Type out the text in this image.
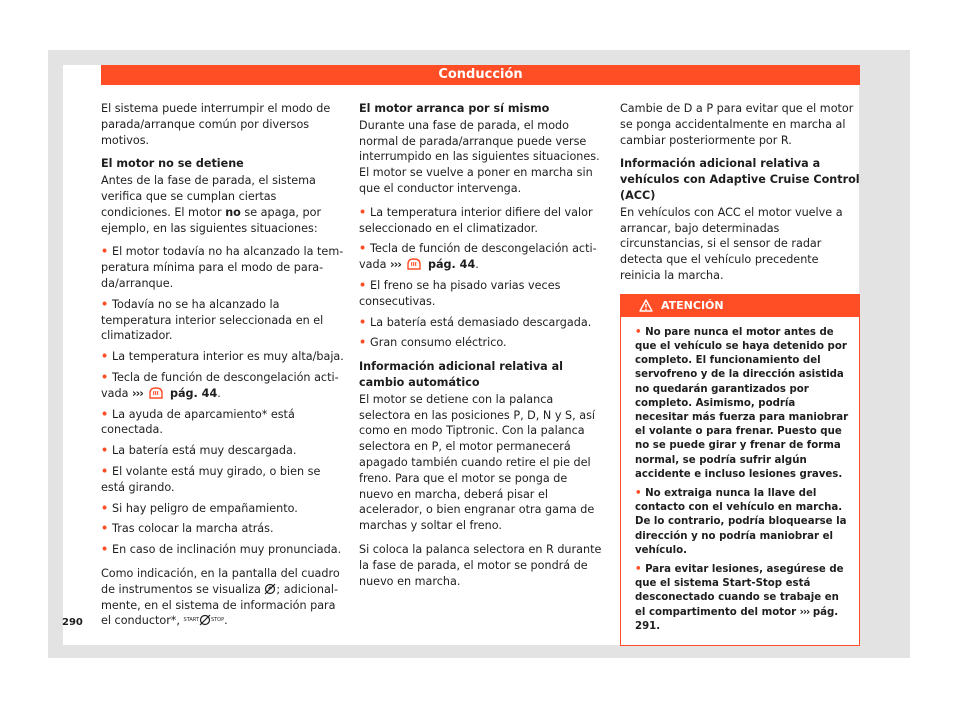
Conducción

El sistema puede interrumpir el modo de parada/arranque común por diversos motivos.

El motor no se detiene

Antes de la fase de parada, el sistema verifica que se cumplan ciertas condiciones. El motor no se apaga, por ejemplo, en las siguientes situaciones:

• El motor todavía no ha alcanzado la temperatura mínima para el modo de parada/arranque.

• Todavía no se ha alcanzado la temperatura interior seleccionada en el climatizador.

• La temperatura interior es muy alta/baja.

• Tecla de función de descongelación activada ››› pág. 44.

• La ayuda de aparcamiento* está conectada.

• La batería está muy descargada.

• El volante está muy girado, o bien se está girando.

• Si hay peligro de empañamiento.

• Tras colocar la marcha atrás.

• En caso de inclinación muy pronunciada.

Como indicación, en la pantalla del cuadro de instrumentos se visualiza ; adicionalmente, en el sistema de información para el conductor*, $^{START}$ $^{STOP}$.

El motor arranca por sí mismo

Durante una fase de parada, el modo normal de parada/arranque puede verse interrumpido en las siguientes situaciones. El motor se vuelve a poner en marcha sin que el conductor intervenga.

• La temperatura interior difiere del valor seleccionado en el climatizador.

• Tecla de función de descongelación activada ››› pág. 44.

• El freno se ha pisado varias veces consecutivas.

• La batería está demasiado descargada.

• Gran consumo eléctrico.

Información adicional relativa al cambio automático

El motor se detiene con la palanca selectora en las posiciones P, D, N y S, así como en modo Tiptronic. Con la palanca selectora en P, el motor permanecerá apagado también cuando retire el pie del freno. Para que el motor se ponga de nuevo en marcha, deberá pisar el acelerador, o bien engranar otra gama de marchas y soltar el freno.

Si coloca la palanca selectora en R durante la fase de parada, el motor se pondrá de nuevo en marcha.

Cambie de D a P para evitar que el motor se ponga accidentalmente en marcha al cambiar posteriormente por R.

Información adicional relativa a vehículos con Adaptive Cruise Control (ACC)

En vehículos con ACC el motor vuelve a arrancar, bajo determinadas circunstancias, si el sensor de radar detecta que el vehículo precedente reinicia la marcha.

ATENCIÓN

• No pare nunca el motor antes de que el vehículo se haya detenido por completo. El funcionamiento del servofreno y de la dirección asistida no quedarán garantizados por completo. Asimismo, podría necesitar más fuerza para maniobrar el volante o para frenar. Puesto que no se puede girar y frenar de forma normal, se podría sufrir algún accidente e incluso lesiones graves.

• No extraiga nunca la llave del contacto con el vehículo en marcha. De lo contrario, podría bloquearse la dirección y no podría maniobrar el vehículo.

• Para evitar lesiones, asegúrese de que el sistema Start-Stop está desconectado cuando se trabaje en el compartimento del motor ››› pág. 291.

290
